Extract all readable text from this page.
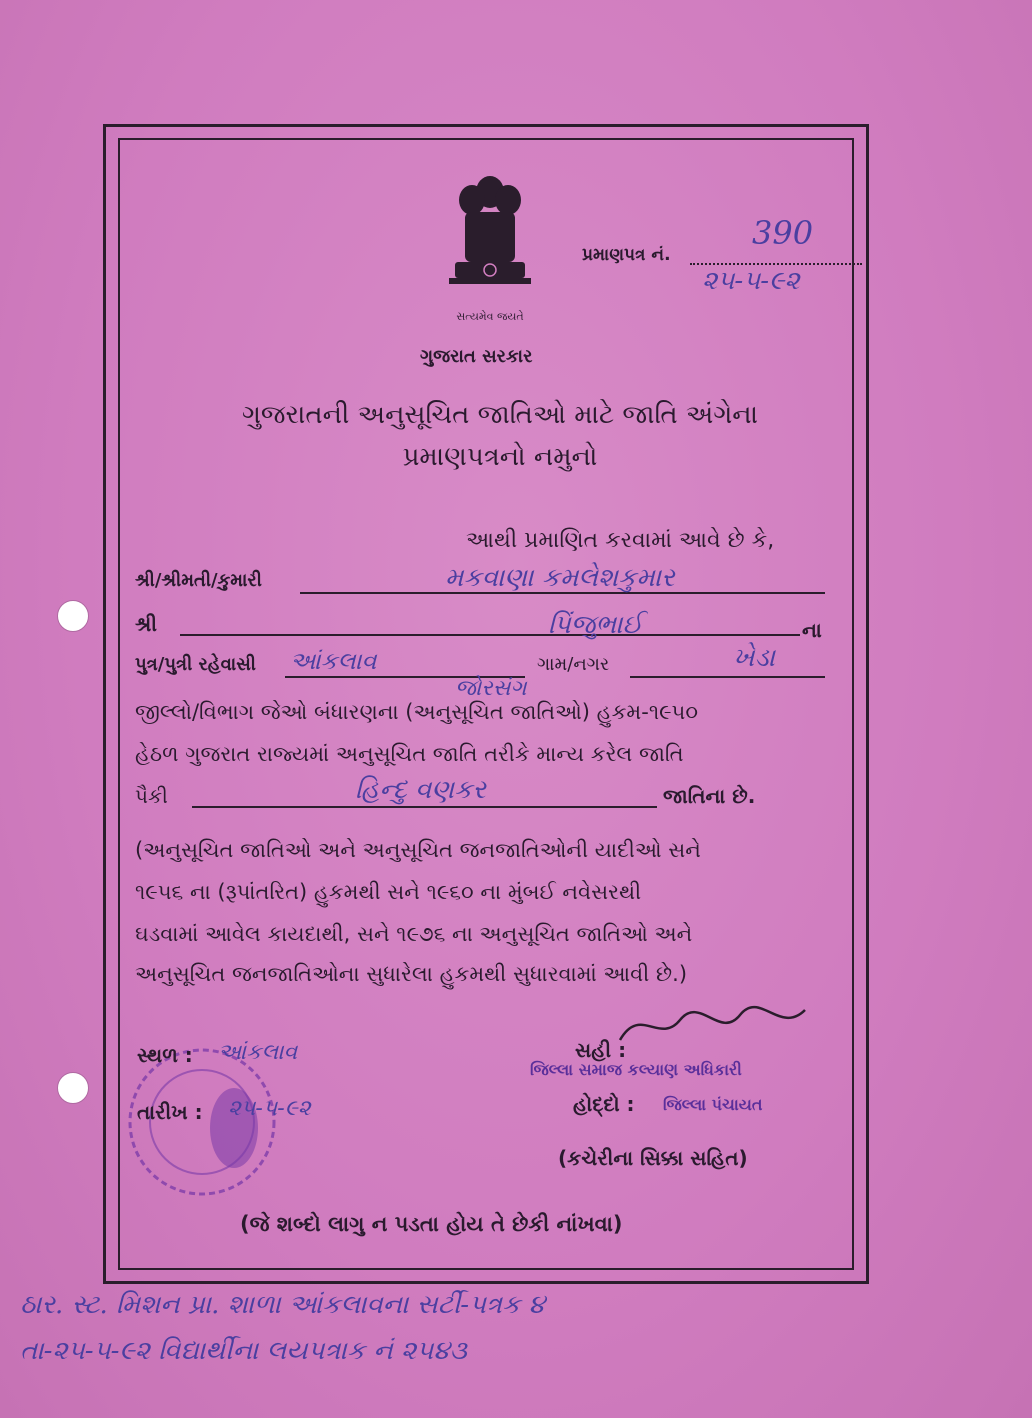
સત્યમેવ જયતે
પ્રમાણપત્ર નં.
390
૨૫-૫-૯૨
ગુજરાત સરકાર
ગુજરાતની અનુસૂચિત જાતિઓ માટે જાતિ અંગેના
પ્રમાણપત્રનો નમુનો
આથી પ્રમાણિત કરવામાં આવે છે કે,
શ્રી/શ્રીમતી/કુમારી	મકવાણા કમલેશકુમાર
શ્રી	પિંજુભાઈ	ના
પુત્ર/પુત્રી રહેવાસી આંકલાવ	ગામ/નગર	ખેડા
જોરસંગ
જીલ્લો/વિભાગ જેઓ બંધારણના (અનુસૂચિત જાતિઓ) હુકમ-૧૯૫૦
હેઠળ ગુજરાત રાજ્યમાં અનુસૂચિત જાતિ તરીકે માન્ય કરેલ જાતિ
પૈકી	હિન્દુ વણકર	જાતિના છે.
(અનુસૂચિત જાતિઓ અને અનુસૂચિત જનજાતિઓની યાદીઓ સને
૧૯૫૬ ના (રૂપાંતરિત) હુકમથી સને ૧૯૬૦ ના મુંબઈ નવેસરથી
ઘડવામાં આવેલ કાયદાથી, સને ૧૯૭૬ ના અનુસૂચિત જાતિઓ અને
અનુસૂચિત જનજાતિઓના સુધારેલા હુકમથી સુધારવામાં આવી છે.)
સ્થળ : આંકલાવ
તારીખ : ૨૫-૫-૯૨
સહી :
જિલ્લા સમાજ કલ્યાણ અધિકારી
હોદ્દો : જિલ્લા પંચાયત
(કચેરીના સિક્કા સહિત)
(જે શબ્દો લાગુ ન પડતા હોય તે છેકી નાંખવા)
ઠાર. સ્ટ. મિશન પ્રા. શાળા આંકલાવના સર્ટી-પત્રક ૪
તા-૨૫-૫-૯૨ વિદ્યાર્થીના લયપત્રાક નં ૨૫૪૩
